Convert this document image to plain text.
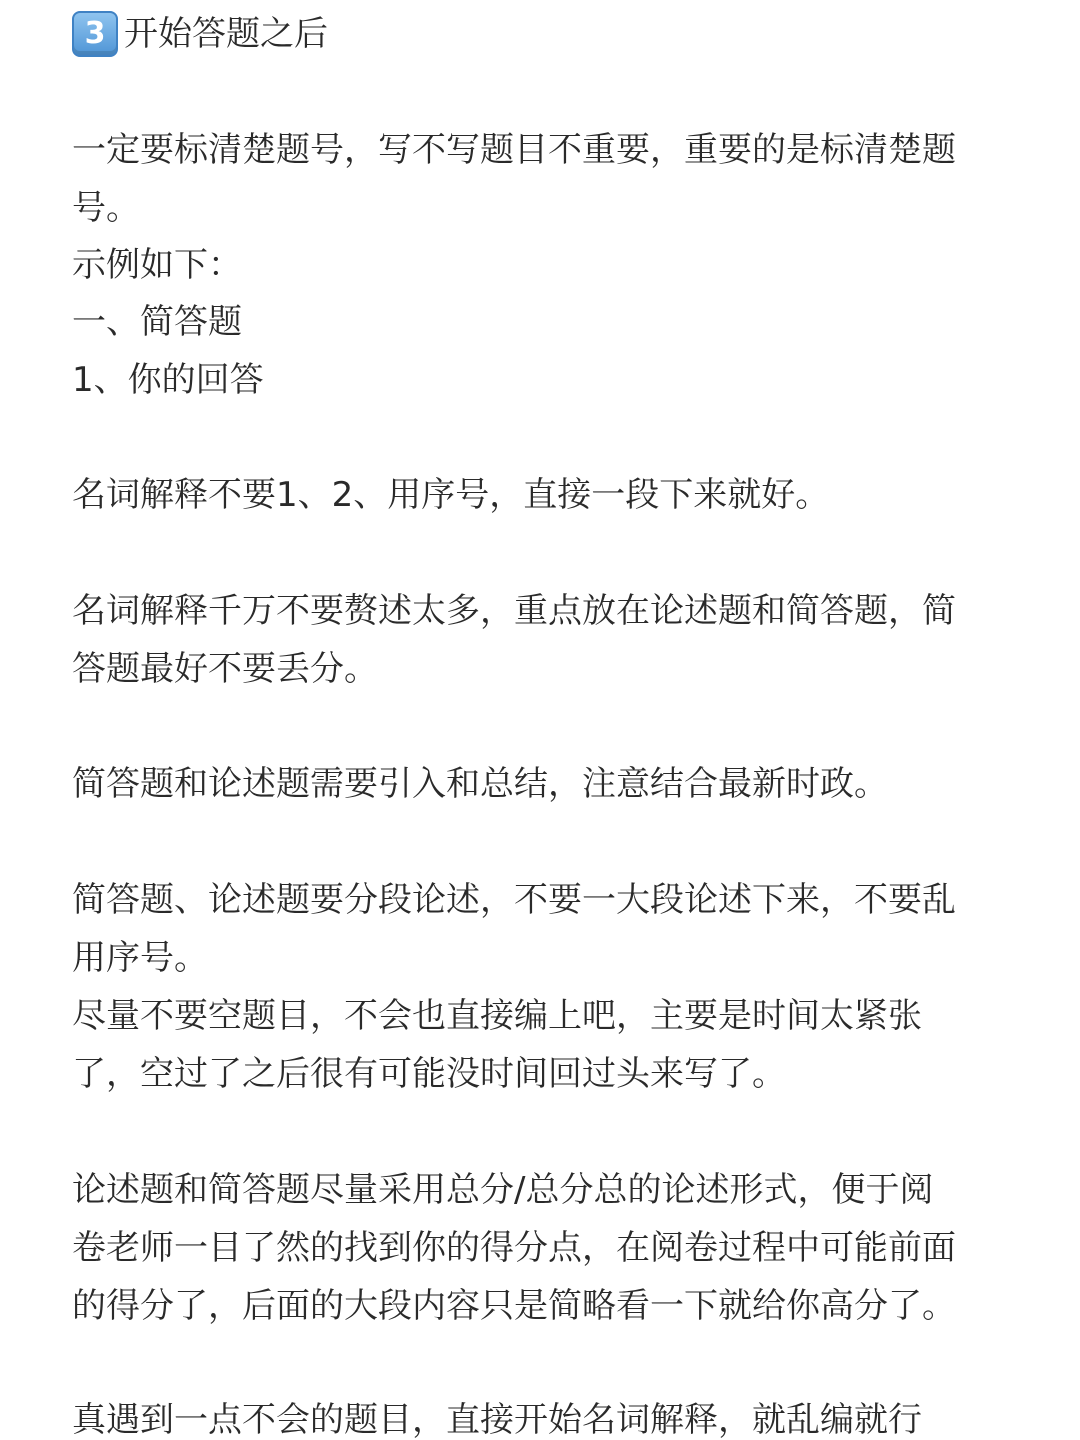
3 开始答题之后
一定要标清楚题号，写不写题目不重要，重要的是标清楚题
号。
示例如下：
一、简答题
1、你的回答
名词解释不要1、2、用序号，直接一段下来就好。
名词解释千万不要赘述太多，重点放在论述题和简答题，简
答题最好不要丢分。
简答题和论述题需要引入和总结，注意结合最新时政。
简答题、论述题要分段论述，不要一大段论述下来，不要乱
用序号。
尽量不要空题目，不会也直接编上吧，主要是时间太紧张
了，空过了之后很有可能没时间回过头来写了。
论述题和简答题尽量采用总分/总分总的论述形式，便于阅
卷老师一目了然的找到你的得分点，在阅卷过程中可能前面
的得分了，后面的大段内容只是简略看一下就给你高分了。
真遇到一点不会的题目，直接开始名词解释，就乱编就行
